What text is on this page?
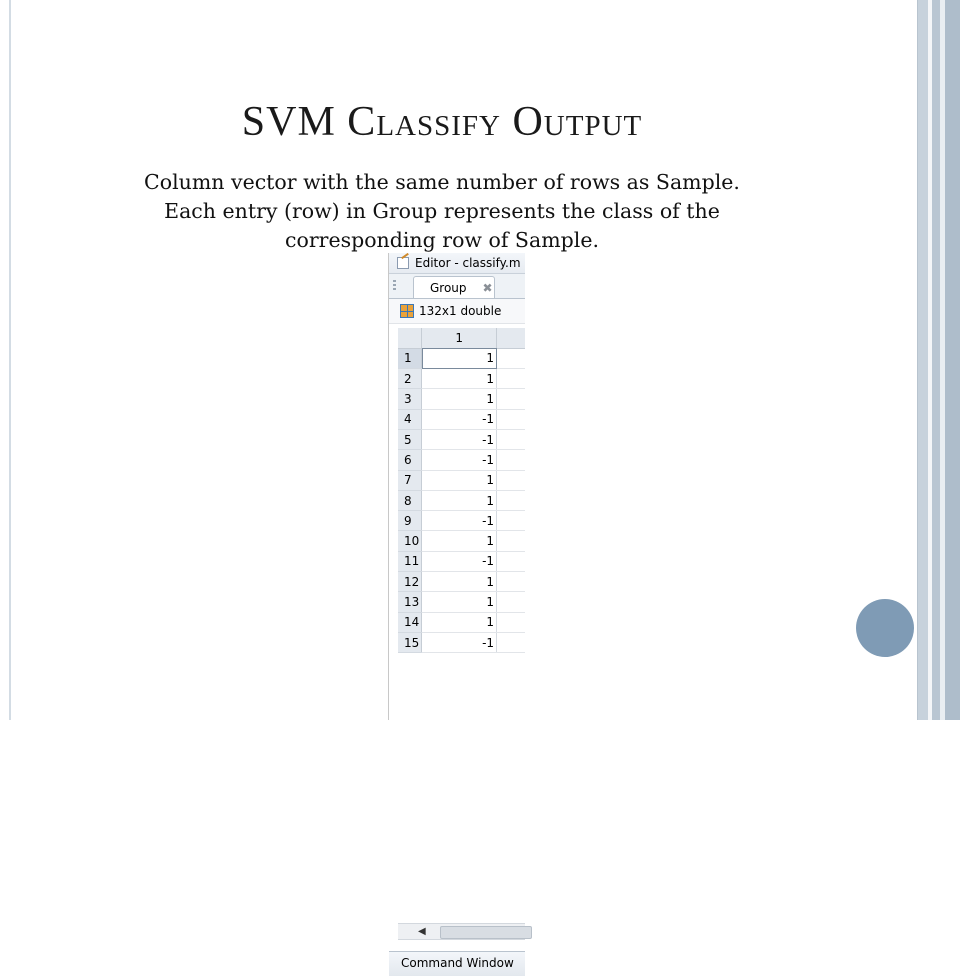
SVM Classify Output

Column vector with the same number of rows as Sample. Each entry (row) in Group represents the class of the corresponding row of Sample.

Editor - classify.m
Group ✖
132x1 double
	1	
1	1	
2	1	
3	1	
4	-1	
5	-1	
6	-1	
7	1	
8	1	
9	-1	
10	1	
11	-1	
12	1	
13	1	
14	1	
15	-1	
◀
Command Window
